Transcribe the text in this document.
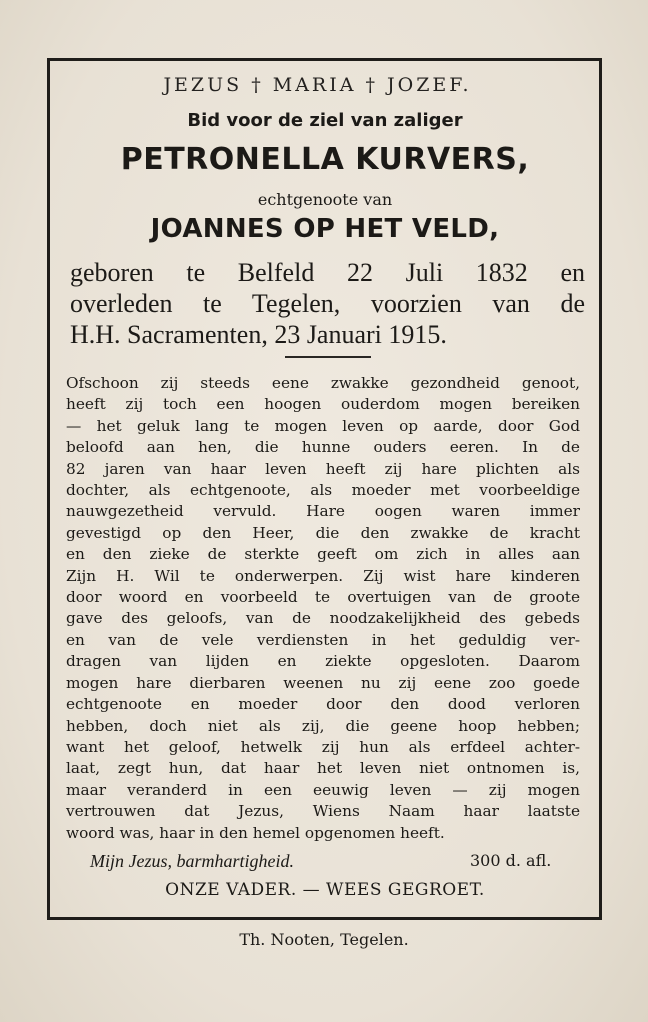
JEZUS † MARIA † JOZEF.
Bid voor de ziel van zaliger
PETRONELLA KURVERS,
echtgenoote van
JOANNES OP HET VELD,
geboren te Belfeld 22 Juli 1832 en
overleden te Tegelen, voorzien van de
H.H. Sacramenten, 23 Januari 1915.
Ofschoon zij steeds eene zwakke gezondheid genoot,
heeft zij toch een hoogen ouderdom mogen bereiken
— het geluk lang te mogen leven op aarde, door God
beloofd aan hen, die hunne ouders eeren. In de
82 jaren van haar leven heeft zij hare plichten als
dochter, als echtgenoote, als moeder met voorbeeldige
nauwgezetheid vervuld. Hare oogen waren immer
gevestigd op den Heer, die den zwakke de kracht
en den zieke de sterkte geeft om zich in alles aan
Zijn H. Wil te onderwerpen. Zij wist hare kinderen
door woord en voorbeeld te overtuigen van de groote
gave des geloofs, van de noodzakelijkheid des gebeds
en van de vele verdiensten in het geduldig ver-
dragen van lijden en ziekte opgesloten. Daarom
mogen hare dierbaren weenen nu zij eene zoo goede
echtgenoote en moeder door den dood verloren
hebben, doch niet als zij, die geene hoop hebben;
want het geloof, hetwelk zij hun als erfdeel achter-
laat, zegt hun, dat haar het leven niet ontnomen is,
maar veranderd in een eeuwig leven — zij mogen
vertrouwen dat Jezus, Wiens Naam haar laatste
woord was, haar in den hemel opgenomen heeft.
Mijn Jezus, barmhartigheid.	300 d. afl.
ONZE VADER. — WEES GEGROET.
Th. Nooten, Tegelen.
